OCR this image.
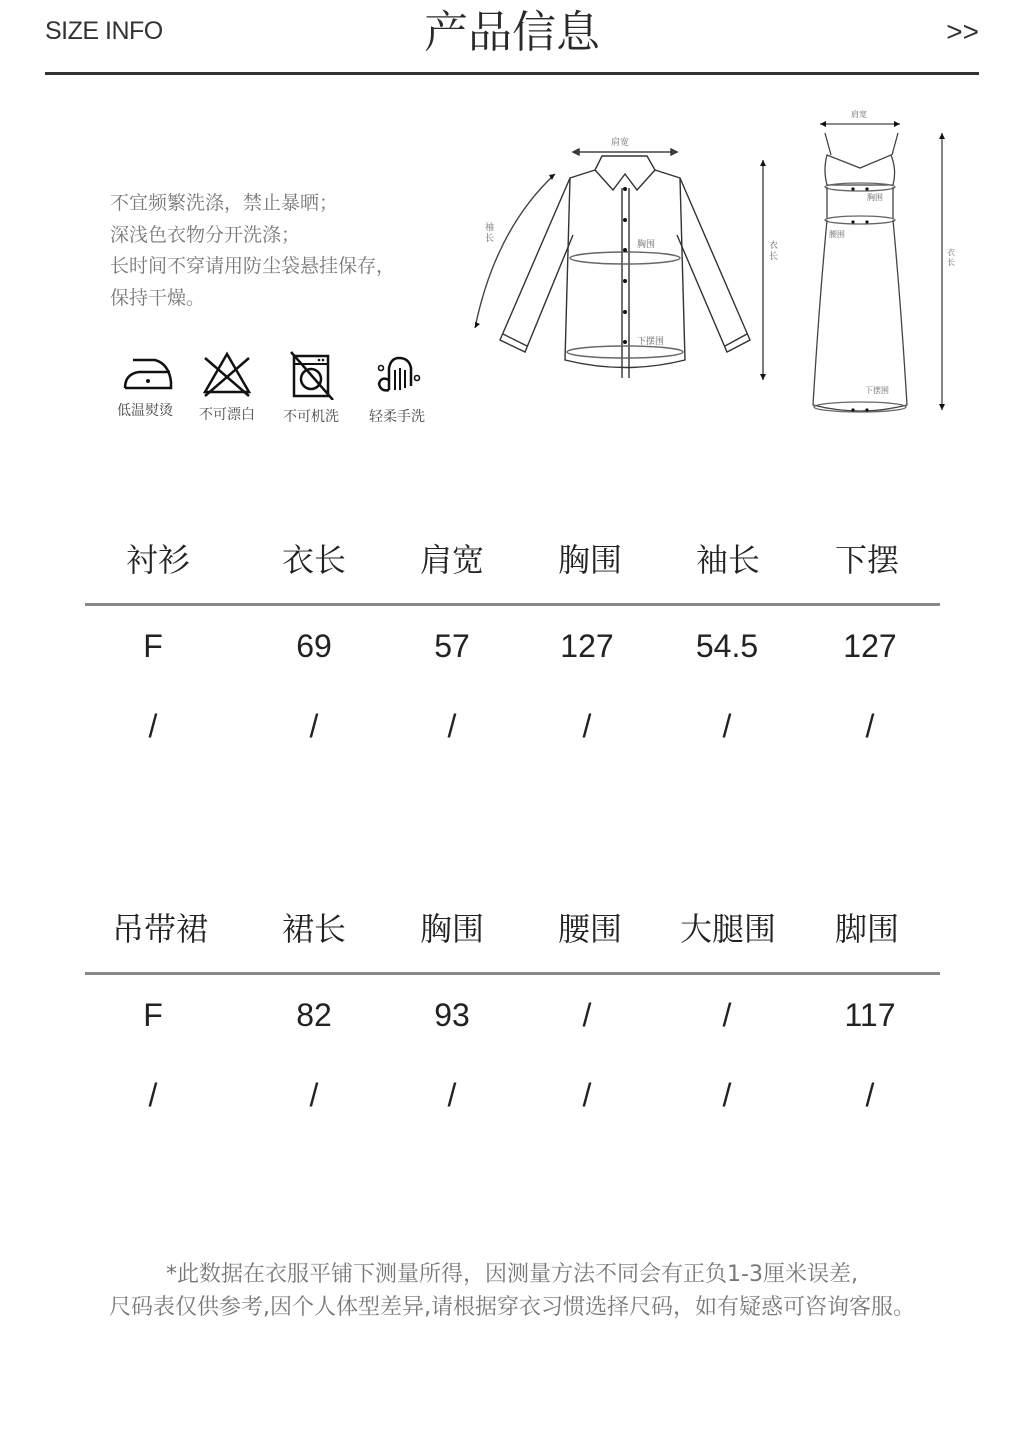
SIZE INFO	产品信息	>>
不宜频繁洗涤，禁止暴晒；
深浅色衣物分开洗涤；
长时间不穿请用防尘袋悬挂保存，
保持干燥。
低温熨烫	不可漂白	不可机洗	轻柔手洗
肩宽
胸围
下摆围
袖长
衣长
肩宽
胸围
腰围
下摆围
衣长
衬衫	衣长	肩宽	胸围	袖长	下摆
F	69	57	127	54.5	127
/	/	/	/	/	/
吊带裙	裙长	胸围	腰围	大腿围	脚围
F	82	93	/	/	117
/	/	/	/	/	/
*此数据在衣服平铺下测量所得，因测量方法不同会有正负1-3厘米误差,
尺码表仅供参考,因个人体型差异,请根据穿衣习惯选择尺码，如有疑惑可咨询客服。
